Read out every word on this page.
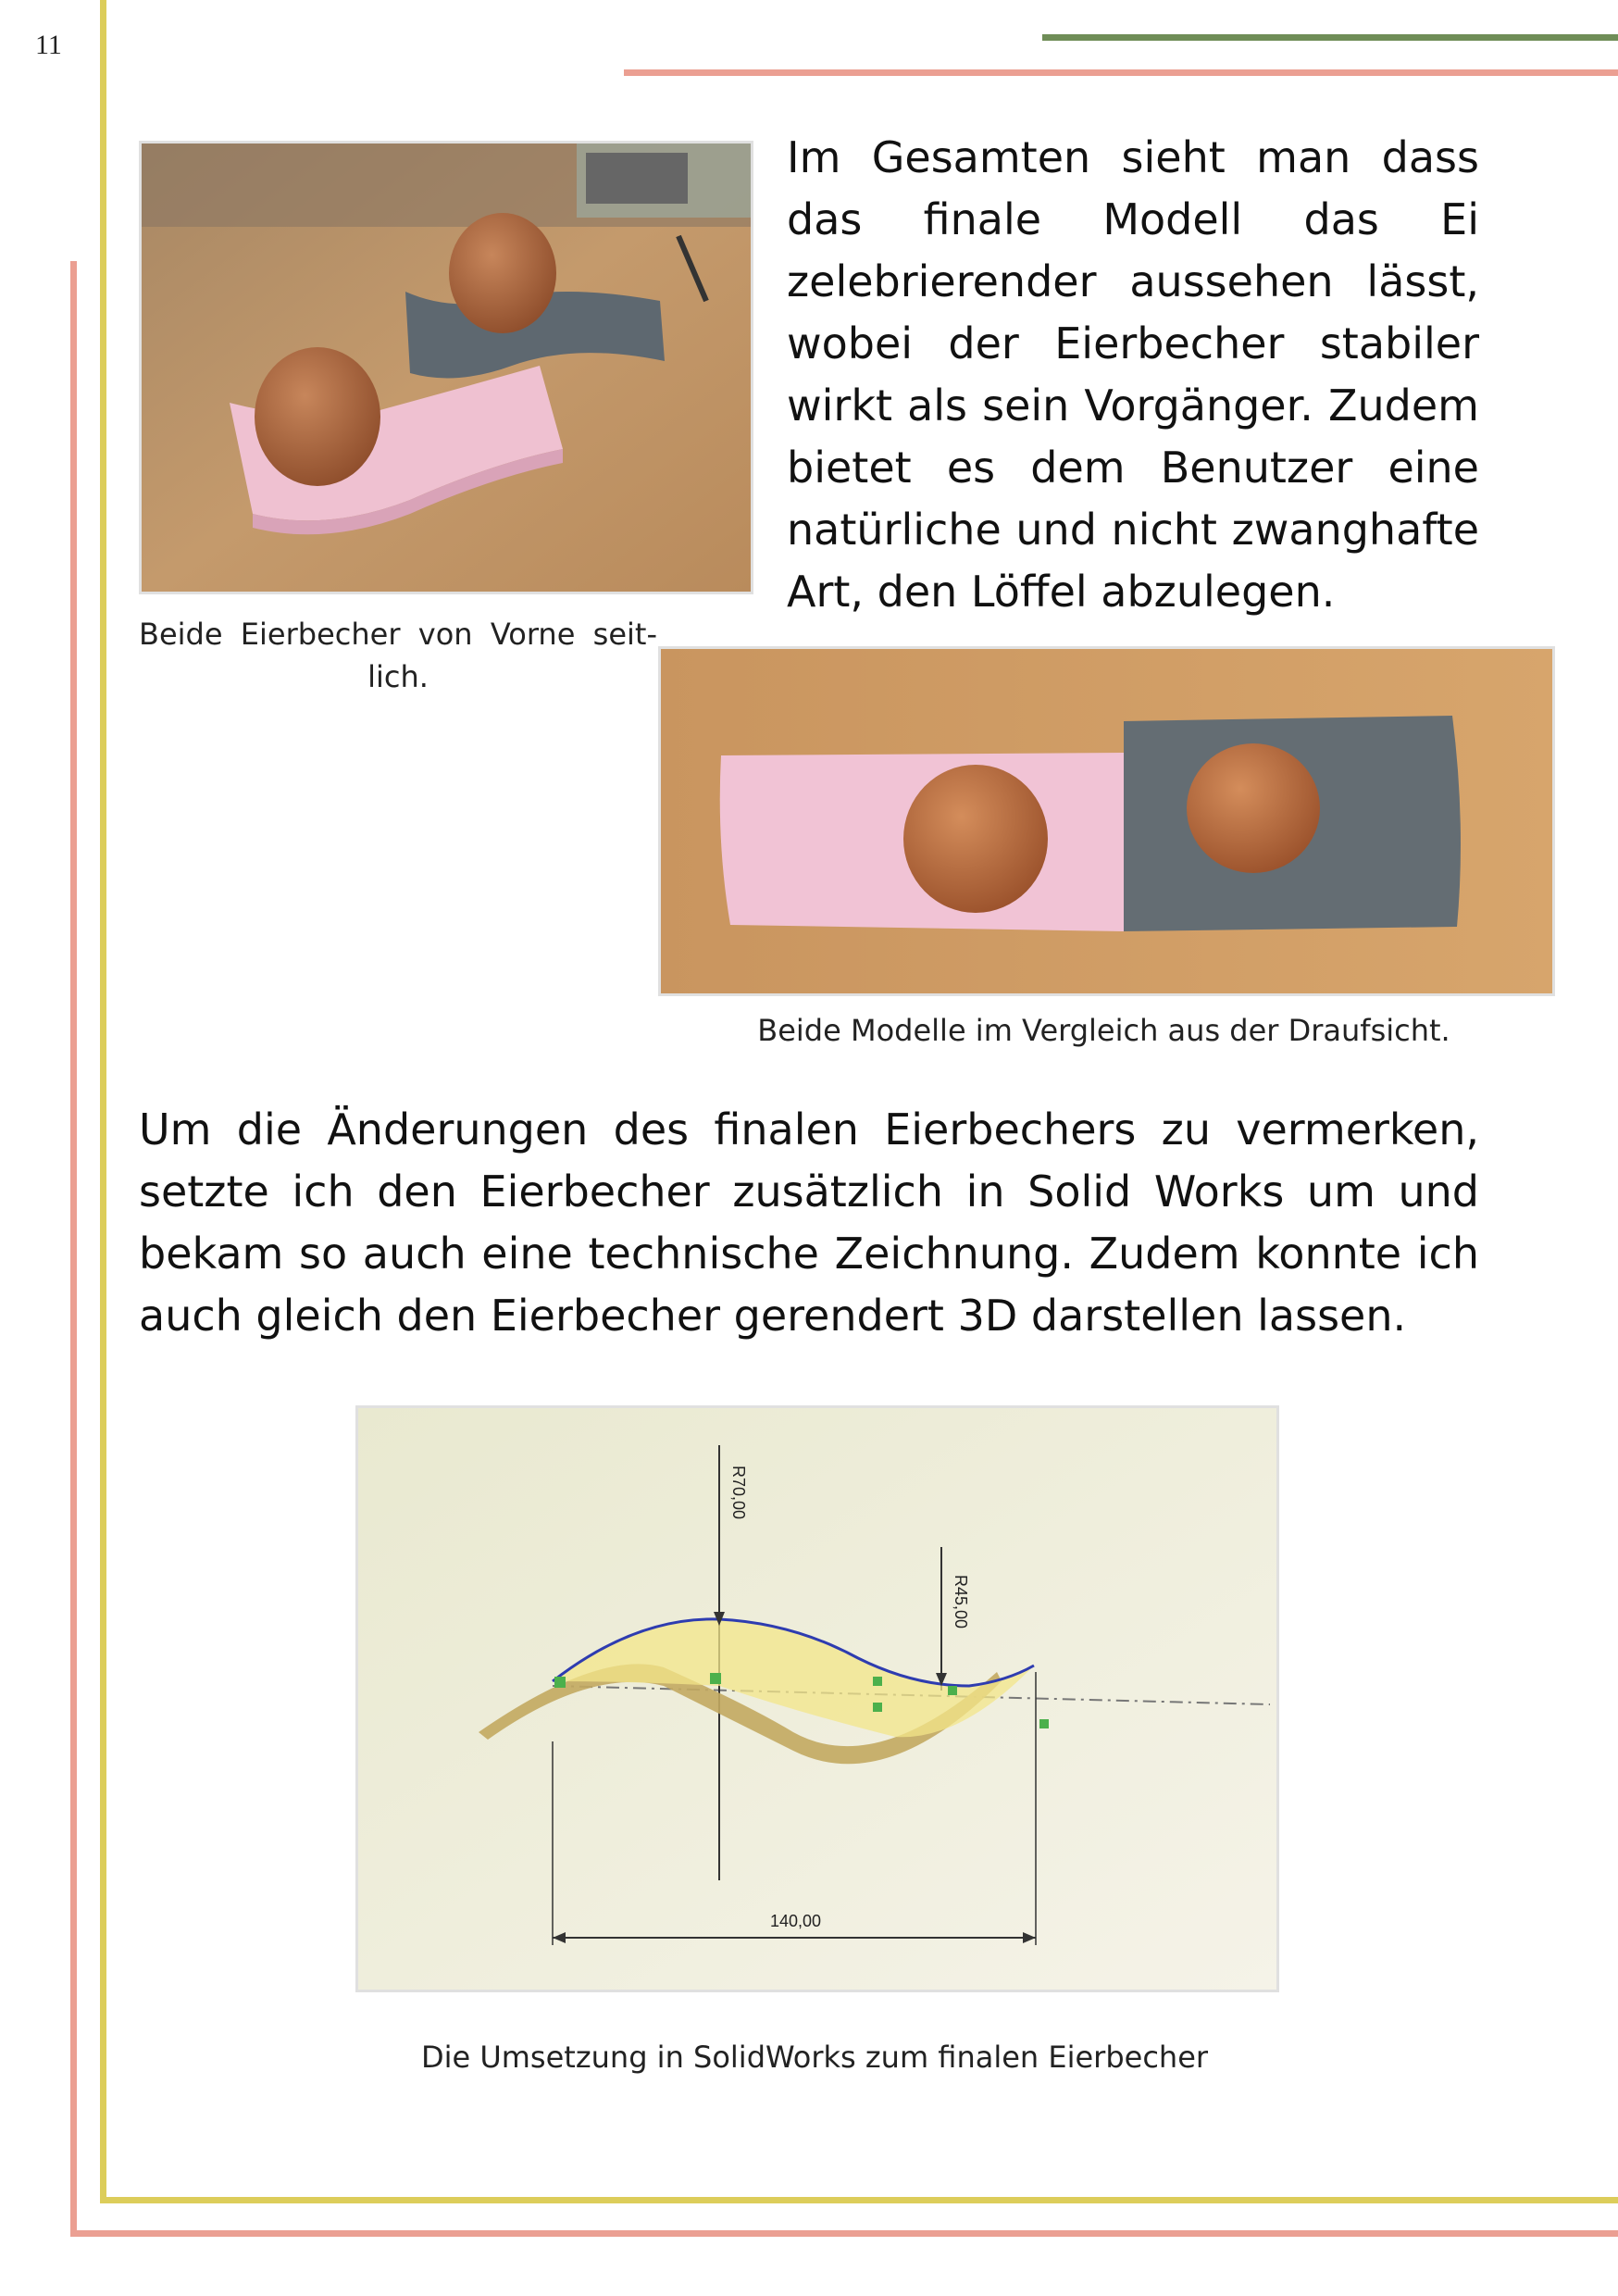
11
Beide Eierbecher von Vorne seitlich.

Im Gesamten sieht man dass das finale Modell das Ei zelebrierender aussehen lässt, wobei der Eierbecher stabiler wirkt als sein Vorgänger. Zudem bietet es dem Benutzer eine natürliche und nicht zwanghafte Art, den Löffel abzulegen.

Beide Modelle im Vergleich aus der Draufsicht.

Um die Änderungen des finalen Eierbechers zu vermerken, setzte ich den Eierbecher zusätzlich in Solid Works um und bekam so auch eine technische Zeichnung. Zudem konnte ich auch gleich den Eierbecher gerendert 3D darstellen lassen.

R70,00
R45,00
140,00
Die Umsetzung in SolidWorks zum finalen Eierbecher
